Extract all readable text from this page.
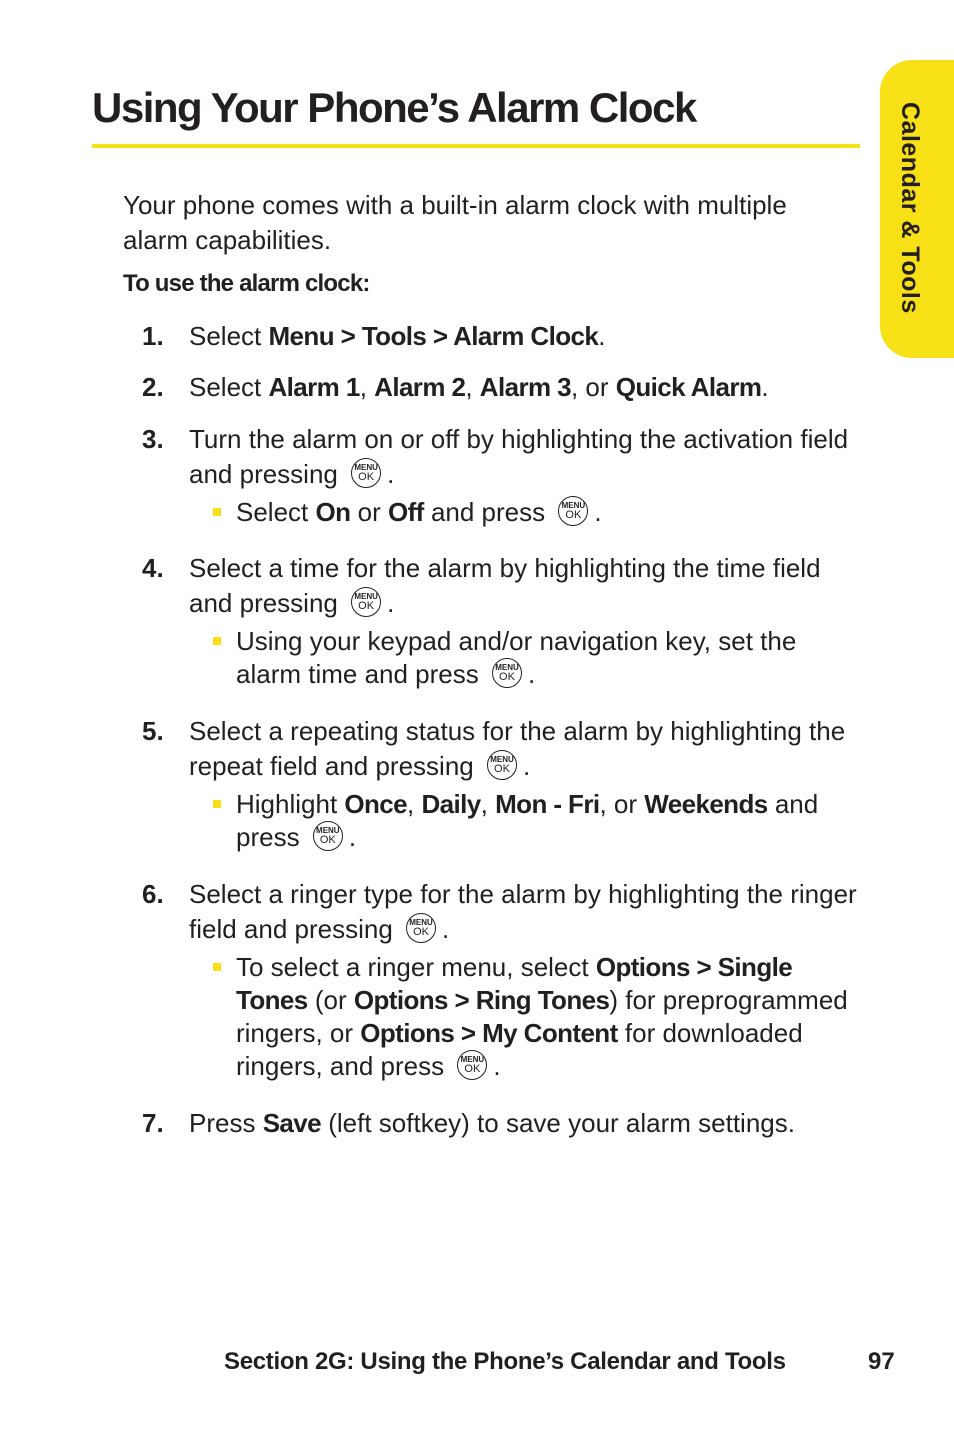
Calendar & Tools
Using Your Phone’s Alarm Clock

Your phone comes with a built-in alarm clock with multiple alarm capabilities.

To use the alarm clock:

1. Select Menu > Tools > Alarm Clock.
2. Select Alarm 1, Alarm 2, Alarm 3, or Quick Alarm.
3. Turn the alarm on or off by highlighting the activation field and pressing MENU
OK .
Select On or Off and press MENU
OK .
4. Select a time for the alarm by highlighting the time field and pressing MENU
OK .
Using your keypad and/or navigation key, set the alarm time and press MENU
OK .
5. Select a repeating status for the alarm by highlighting the repeat field and pressing MENU
OK .
Highlight Once, Daily, Mon - Fri, or Weekends and press MENU
OK .
6. Select a ringer type for the alarm by highlighting the ringer field and pressing MENU
OK .
To select a ringer menu, select Options > Single Tones (or Options > Ring Tones) for preprogrammed ringers, or Options > My Content for downloaded ringers, and press MENU
OK .
7. Press Save (left softkey) to save your alarm settings.
Section 2G: Using the Phone’s Calendar and Tools	97
